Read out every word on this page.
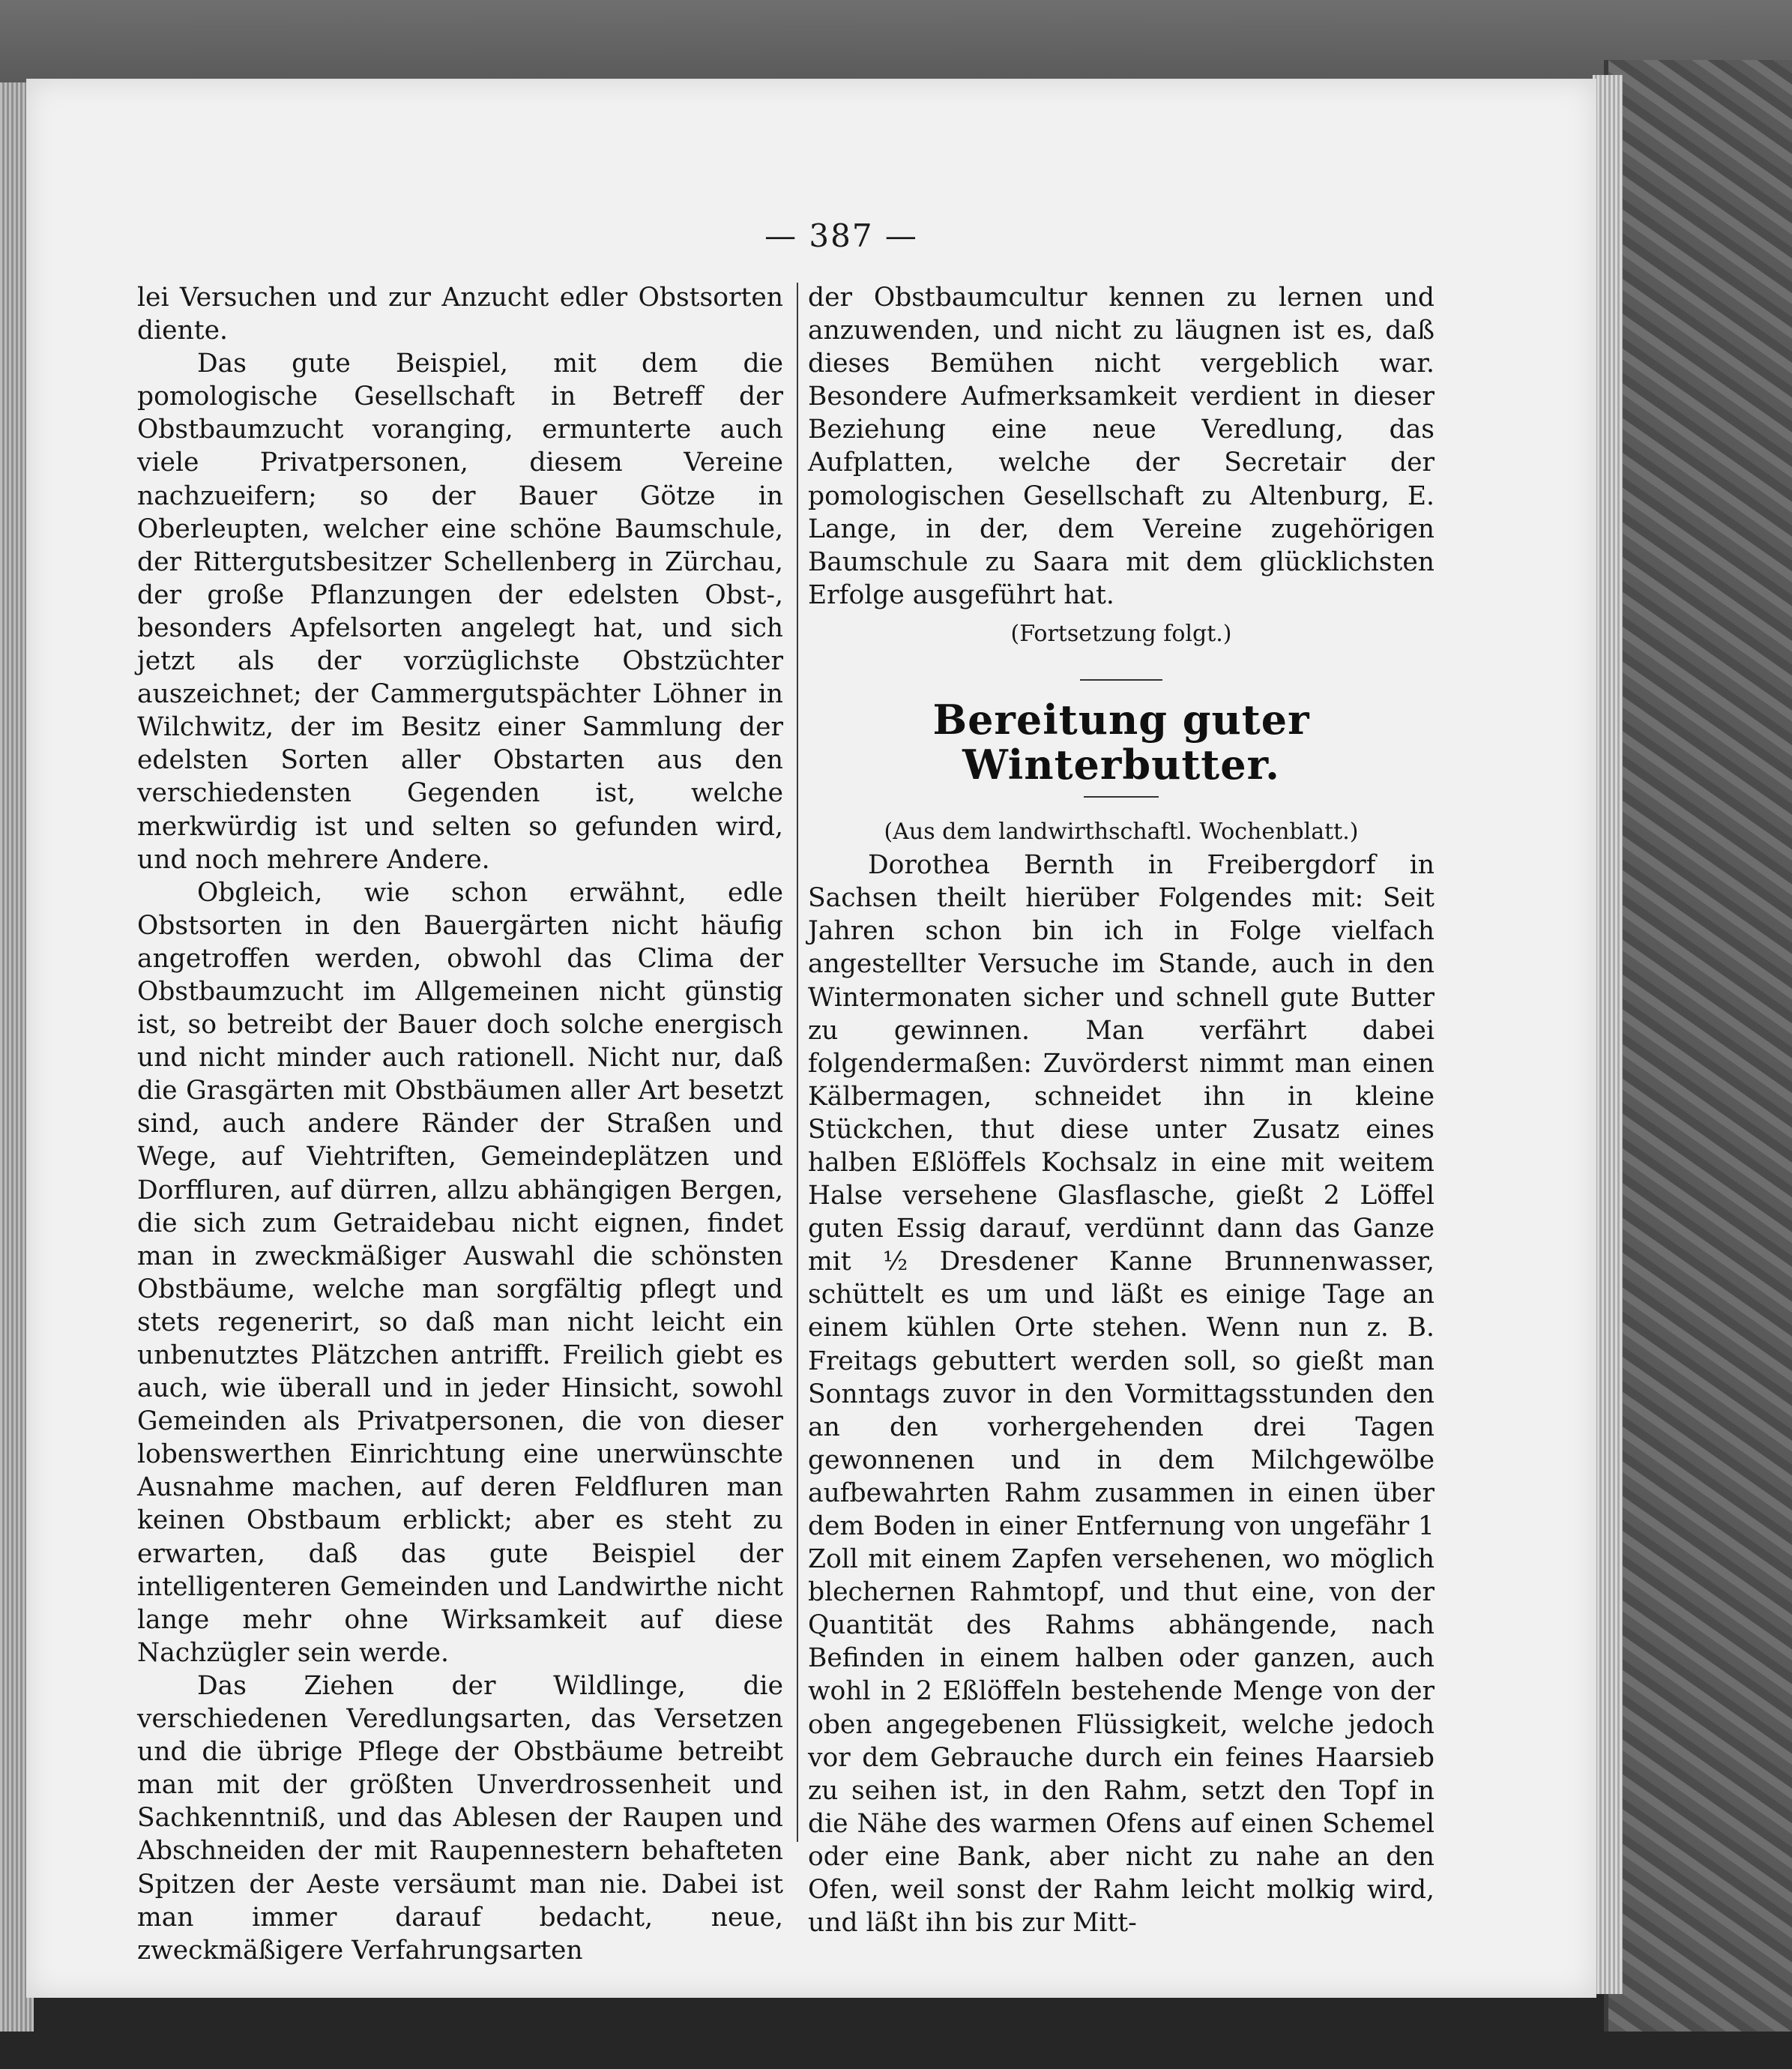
— 387 —

lei Versuchen und zur Anzucht edler Obstsorten diente.

Das gute Beispiel, mit dem die pomologische Gesellschaft in Betreff der Obstbaumzucht voranging, ermunterte auch viele Privatpersonen, diesem Vereine nachzueifern; so der Bauer Götze in Oberleupten, welcher eine schöne Baumschule, der Rittergutsbesitzer Schellenberg in Zürchau, der große Pflanzungen der edelsten Obst-, besonders Apfelsorten angelegt hat, und sich jetzt als der vorzüglichste Obstzüchter auszeichnet; der Cammergutspächter Löhner in Wilchwitz, der im Besitz einer Sammlung der edelsten Sorten aller Obstarten aus den verschiedensten Gegenden ist, welche merkwürdig ist und selten so gefunden wird, und noch mehrere Andere.

Obgleich, wie schon erwähnt, edle Obstsorten in den Bauergärten nicht häufig angetroffen werden, obwohl das Clima der Obstbaumzucht im Allgemeinen nicht günstig ist, so betreibt der Bauer doch solche energisch und nicht minder auch rationell. Nicht nur, daß die Grasgärten mit Obstbäumen aller Art besetzt sind, auch andere Ränder der Straßen und Wege, auf Viehtriften, Gemeindeplätzen und Dorffluren, auf dürren, allzu abhängigen Bergen, die sich zum Getraidebau nicht eignen, findet man in zweckmäßiger Auswahl die schönsten Obstbäume, welche man sorgfältig pflegt und stets regenerirt, so daß man nicht leicht ein unbenutztes Plätzchen antrifft. Freilich giebt es auch, wie überall und in jeder Hinsicht, sowohl Gemeinden als Privatpersonen, die von dieser lobenswerthen Einrichtung eine unerwünschte Ausnahme machen, auf deren Feldfluren man keinen Obstbaum erblickt; aber es steht zu erwarten, daß das gute Beispiel der intelligenteren Gemeinden und Landwirthe nicht lange mehr ohne Wirksamkeit auf diese Nachzügler sein werde.

Das Ziehen der Wildlinge, die verschiedenen Veredlungsarten, das Versetzen und die übrige Pflege der Obstbäume betreibt man mit der größten Unverdrossenheit und Sachkenntniß, und das Ablesen der Raupen und Abschneiden der mit Raupennestern behafteten Spitzen der Aeste versäumt man nie. Dabei ist man immer darauf bedacht, neue, zweckmäßigere Verfahrungsarten

der Obstbaumcultur kennen zu lernen und anzuwenden, und nicht zu läugnen ist es, daß dieses Bemühen nicht vergeblich war. Besondere Aufmerksamkeit verdient in dieser Beziehung eine neue Veredlung, das Aufplatten, welche der Secretair der pomologischen Gesellschaft zu Altenburg, E. Lange, in der, dem Vereine zugehörigen Baumschule zu Saara mit dem glücklichsten Erfolge ausgeführt hat.

(Fortsetzung folgt.)

Bereitung guter Winterbutter.

(Aus dem landwirthschaftl. Wochenblatt.)

Dorothea Bernth in Freibergdorf in Sachsen theilt hierüber Folgendes mit: Seit Jahren schon bin ich in Folge vielfach angestellter Versuche im Stande, auch in den Wintermonaten sicher und schnell gute Butter zu gewinnen. Man verfährt dabei folgendermaßen: Zuvörderst nimmt man einen Kälbermagen, schneidet ihn in kleine Stückchen, thut diese unter Zusatz eines halben Eßlöffels Kochsalz in eine mit weitem Halse versehene Glasflasche, gießt 2 Löffel guten Essig darauf, verdünnt dann das Ganze mit ½ Dresdener Kanne Brunnenwasser, schüttelt es um und läßt es einige Tage an einem kühlen Orte stehen. Wenn nun z. B. Freitags gebuttert werden soll, so gießt man Sonntags zuvor in den Vormittagsstunden den an den vorhergehenden drei Tagen gewonnenen und in dem Milchgewölbe aufbewahrten Rahm zusammen in einen über dem Boden in einer Entfernung von ungefähr 1 Zoll mit einem Zapfen versehenen, wo möglich blechernen Rahmtopf, und thut eine, von der Quantität des Rahms abhängende, nach Befinden in einem halben oder ganzen, auch wohl in 2 Eßlöffeln bestehende Menge von der oben angegebenen Flüssigkeit, welche jedoch vor dem Gebrauche durch ein feines Haarsieb zu seihen ist, in den Rahm, setzt den Topf in die Nähe des warmen Ofens auf einen Schemel oder eine Bank, aber nicht zu nahe an den Ofen, weil sonst der Rahm leicht molkig wird, und läßt ihn bis zur Mitt-
